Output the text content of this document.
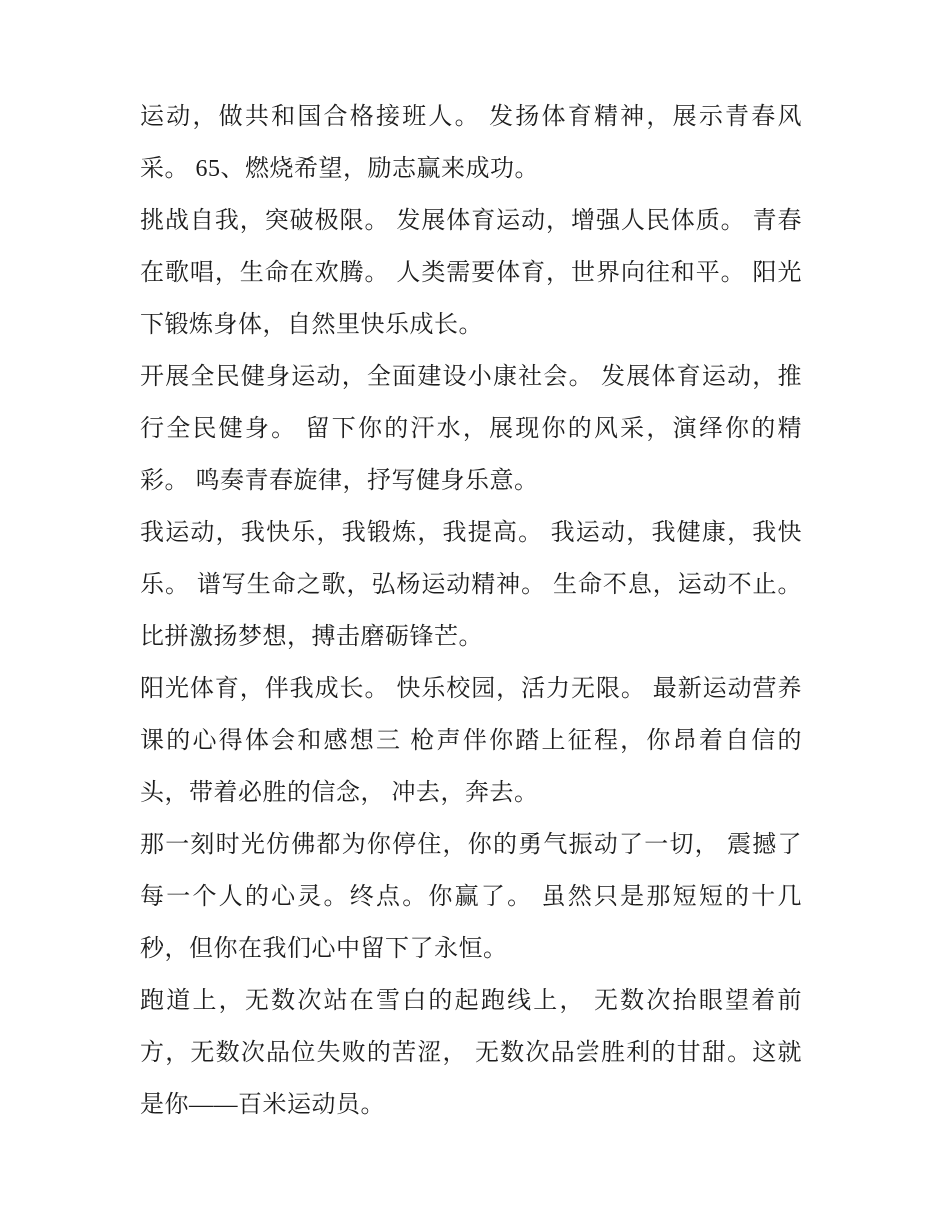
运动，做共和国合格接班人。 发扬体育精神，展示青春风
采。 65、燃烧希望，励志赢来成功。
挑战自我，突破极限。 发展体育运动，增强人民体质。 青春
在歌唱，生命在欢腾。 人类需要体育，世界向往和平。 阳光
下锻炼身体，自然里快乐成长。
开展全民健身运动，全面建设小康社会。 发展体育运动，推
行全民健身。 留下你的汗水，展现你的风采，演绎你的精
彩。 鸣奏青春旋律，抒写健身乐意。
我运动，我快乐，我锻炼，我提高。 我运动，我健康，我快
乐。 谱写生命之歌，弘杨运动精神。 生命不息，运动不止。
比拼激扬梦想，搏击磨砺锋芒。
阳光体育，伴我成长。 快乐校园，活力无限。 最新运动营养
课的心得体会和感想三 枪声伴你踏上征程，你昂着自信的
头，带着必胜的信念， 冲去，奔去。
那一刻时光仿佛都为你停住，你的勇气振动了一切， 震撼了
每一个人的心灵。终点。你赢了。 虽然只是那短短的十几
秒，但你在我们心中留下了永恒。
跑道上，无数次站在雪白的起跑线上， 无数次抬眼望着前
方，无数次品位失败的苦涩， 无数次品尝胜利的甘甜。这就
是你——百米运动员。
